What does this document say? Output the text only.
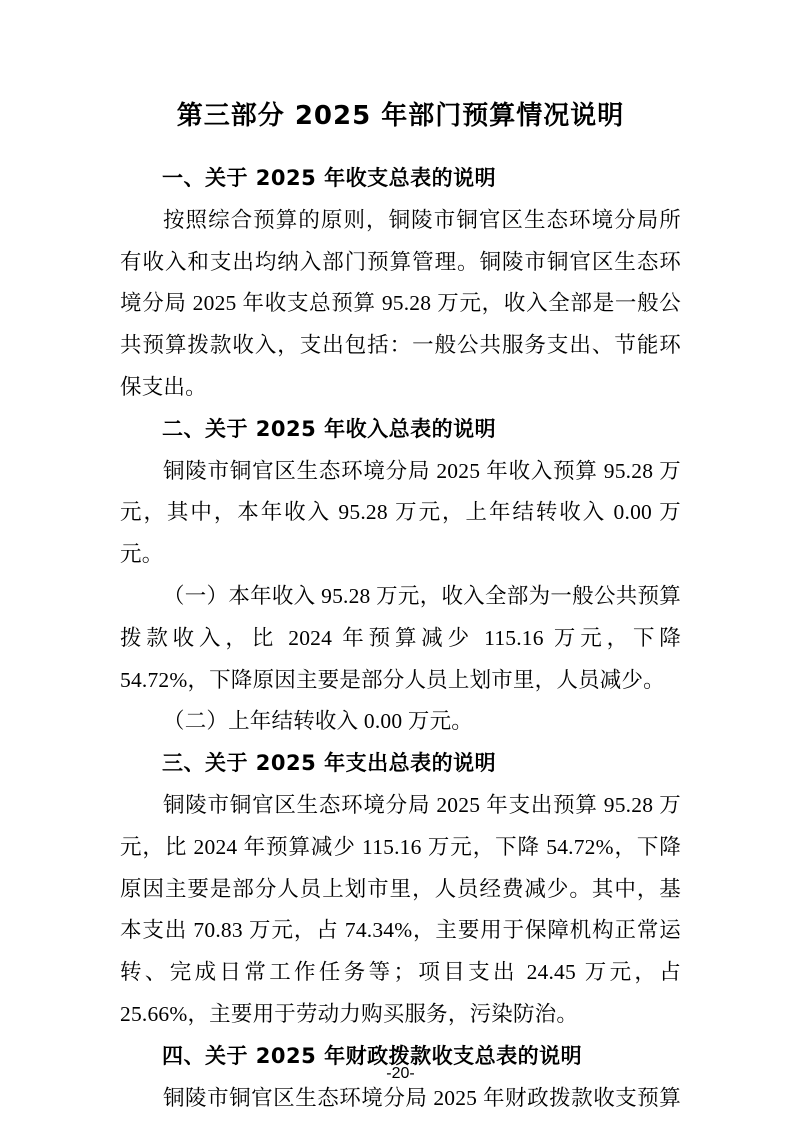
第三部分 2025 年部门预算情况说明
一、关于 2025 年收支总表的说明

按照综合预算的原则，铜陵市铜官区生态环境分局所有收入和支出均纳入部门预算管理。铜陵市铜官区生态环境分局 2025 年收支总预算 95.28 万元，收入全部是一般公共预算拨款收入，支出包括：一般公共服务支出、节能环保支出。

二、关于 2025 年收入总表的说明

铜陵市铜官区生态环境分局 2025 年收入预算 95.28 万元，其中，本年收入 95.28 万元，上年结转收入 0.00 万元。

（一）本年收入 95.28 万元，收入全部为一般公共预算拨款收入，比 2024 年预算减少 115.16 万元，下降 54.72%，下降原因主要是部分人员上划市里，人员减少。

（二）上年结转收入 0.00 万元。

三、关于 2025 年支出总表的说明

铜陵市铜官区生态环境分局 2025 年支出预算 95.28 万元，比 2024 年预算减少 115.16 万元，下降 54.72%，下降原因主要是部分人员上划市里，人员经费减少。其中，基本支出 70.83 万元，占 74.34%，主要用于保障机构正常运转、完成日常工作任务等；项目支出 24.45 万元，占 25.66%，主要用于劳动力购买服务，污染防治。

四、关于 2025 年财政拨款收支总表的说明

铜陵市铜官区生态环境分局 2025 年财政拨款收支预算

-20-
